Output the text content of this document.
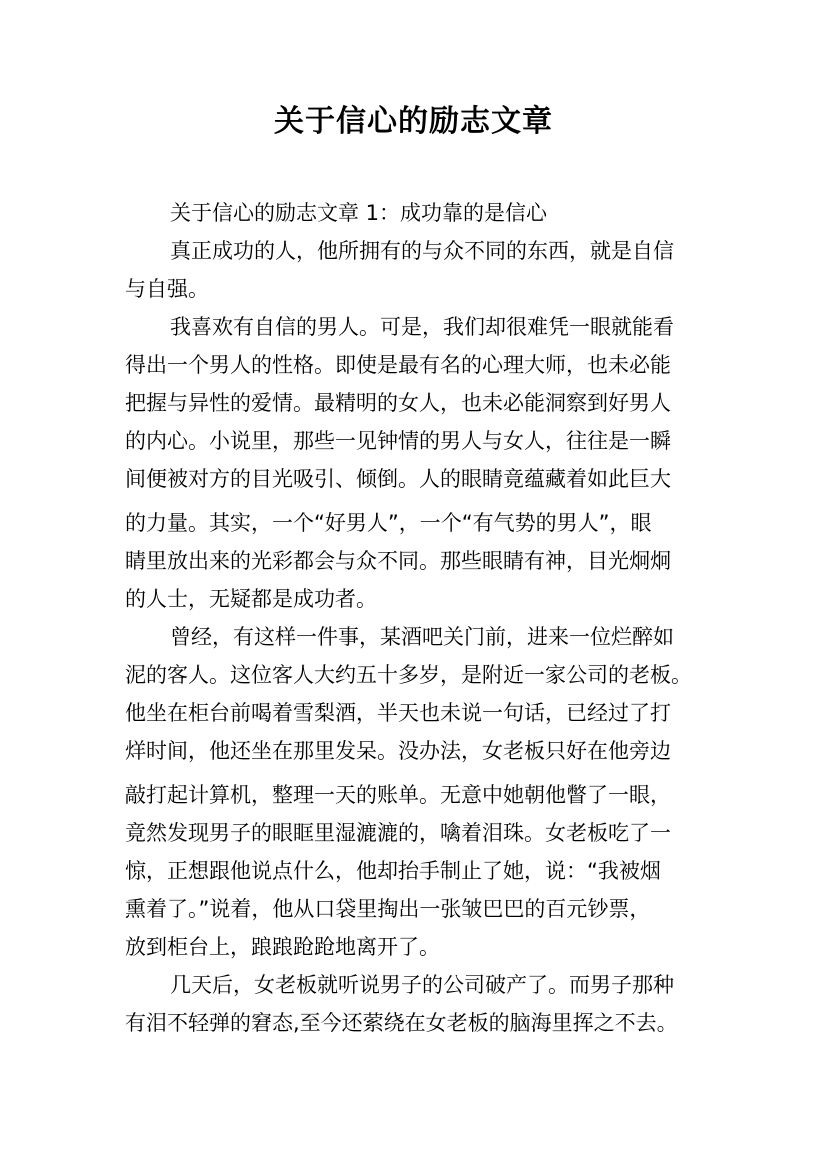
关于信心的励志文章
关于信心的励志文章 1：成功靠的是信心
真正成功的人，他所拥有的与众不同的东西，就是自信
与自强。
我喜欢有自信的男人。可是，我们却很难凭一眼就能看
得出一个男人的性格。即使是最有名的心理大师，也未必能
把握与异性的爱情。最精明的女人，也未必能洞察到好男人
的内心。小说里，那些一见钟情的男人与女人，往往是一瞬
间便被对方的目光吸引、倾倒。人的眼睛竟蕴藏着如此巨大
的力量。其实，一个“好男人”，一个“有气势的男人”，眼
睛里放出来的光彩都会与众不同。那些眼睛有神，目光炯炯
的人士，无疑都是成功者。
曾经，有这样一件事，某酒吧关门前，进来一位烂醉如
泥的客人。这位客人大约五十多岁，是附近一家公司的老板。
他坐在柜台前喝着雪梨酒，半天也未说一句话，已经过了打
烊时间，他还坐在那里发呆。没办法，女老板只好在他旁边
敲打起计算机，整理一天的账单。无意中她朝他瞥了一眼，
竟然发现男子的眼眶里湿漉漉的，噙着泪珠。女老板吃了一
惊，正想跟他说点什么，他却抬手制止了她，说：“我被烟
熏着了。”说着，他从口袋里掏出一张皱巴巴的百元钞票，
放到柜台上，踉踉跄跄地离开了。
几天后，女老板就听说男子的公司破产了。而男子那种
有泪不轻弹的窘态,至今还萦绕在女老板的脑海里挥之不去。
